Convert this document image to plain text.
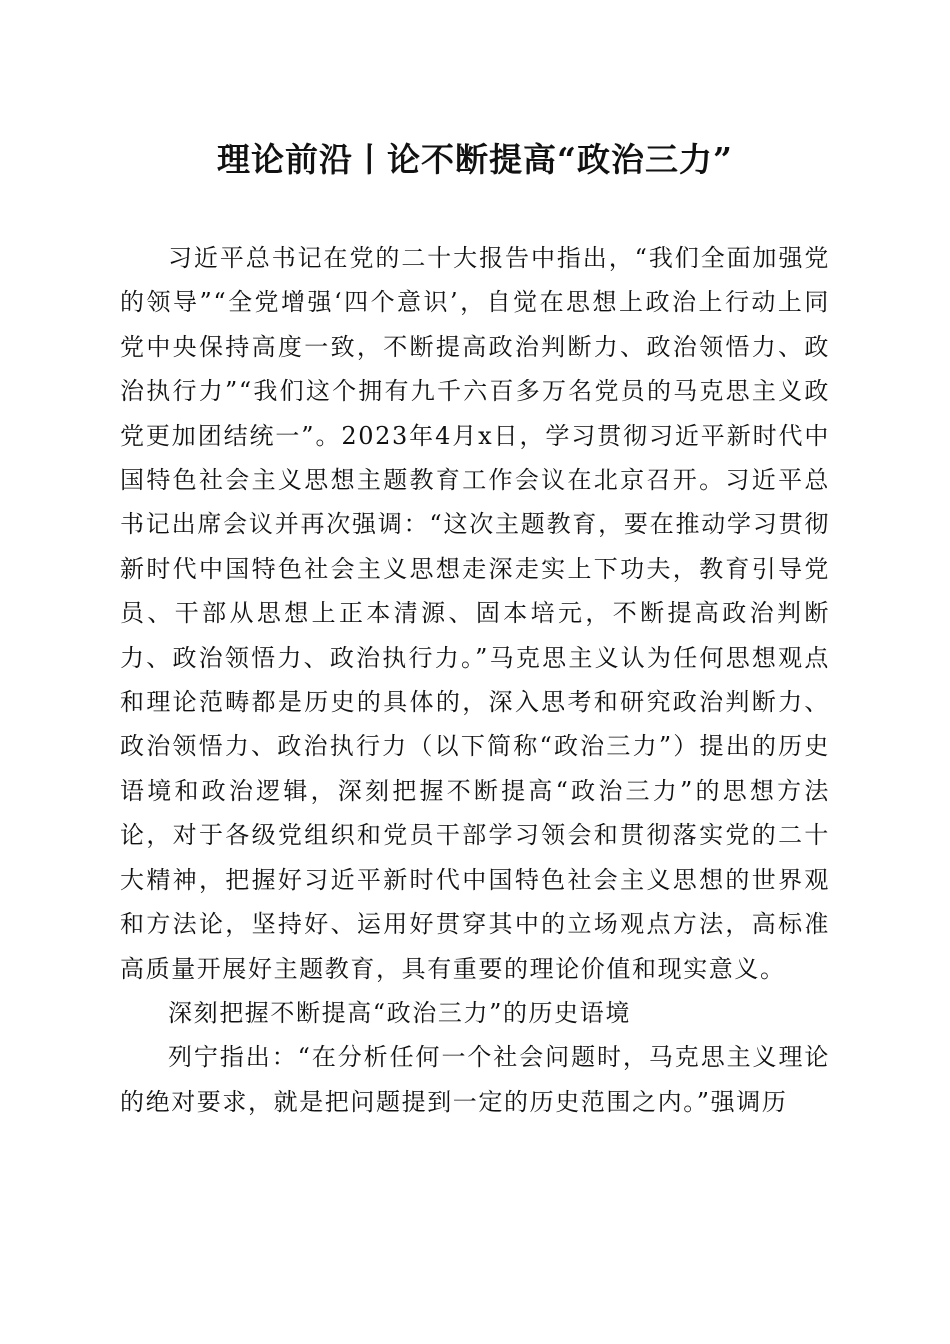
理论前沿丨论不断提高“政治三力”

习近平总书记在党的二十大报告中指出，“我们全面加强党的领导”“全党增强‘四个意识’，自觉在思想上政治上行动上同党中央保持高度一致，不断提高政治判断力、政治领悟力、政治执行力”“我们这个拥有九千六百多万名党员的马克思主义政党更加团结统一”。2023年4月x日，学习贯彻习近平新时代中国特色社会主义思想主题教育工作会议在北京召开。习近平总书记出席会议并再次强调：“这次主题教育，要在推动学习贯彻新时代中国特色社会主义思想走深走实上下功夫，教育引导党员、干部从思想上正本清源、固本培元，不断提高政治判断力、政治领悟力、政治执行力。”马克思主义认为任何思想观点和理论范畴都是历史的具体的，深入思考和研究政治判断力、政治领悟力、政治执行力（以下简称“政治三力”）提出的历史语境和政治逻辑，深刻把握不断提高“政治三力”的思想方法论，对于各级党组织和党员干部学习领会和贯彻落实党的二十大精神，把握好习近平新时代中国特色社会主义思想的世界观和方法论，坚持好、运用好贯穿其中的立场观点方法，高标准高质量开展好主题教育，具有重要的理论价值和现实意义。

深刻把握不断提高“政治三力”的历史语境

列宁指出：“在分析任何一个社会问题时，马克思主义理论的绝对要求，就是把问题提到一定的历史范围之内。”强调历
